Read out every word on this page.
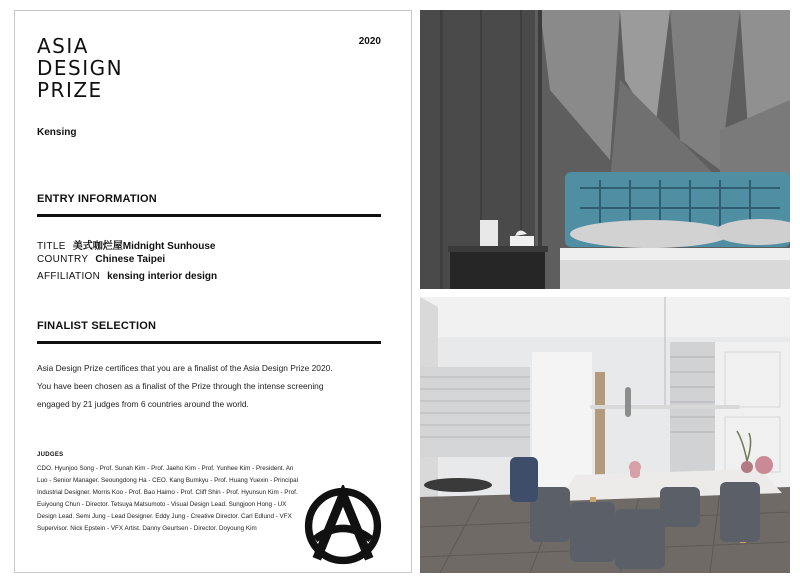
ASIA
DESIGN
PRIZE
2020
Kensing
ENTRY INFORMATION
TITLE 美式咖烂屋Midnight Sunhouse
COUNTRY Chinese Taipei
AFFILIATION kensing interior design
FINALIST SELECTION
Asia Design Prize certifices that you are a finalist of the Asia Design Prize 2020. You have been chosen as a finalist of the Prize through the intense screening engaged by 21 judges from 6 countries around the world.
JUDGES
CDO. Hyunjoo Song - Prof. Sunah Kim - Prof. Jaeho Kim - Prof. Yunhee Kim - President. An Luo - Senior Manager. Seoungdong Ha - CEO. Kang Bumkyu - Prof. Huang Yuexin - Principal Industrial Designer. Morris Koo - Prof. Bao Haimo - Prof. Cliff Shin - Prof. Hyunsun Kim - Prof. Euiyoung Chun - Director. Tetsuya Matsumoto - Visual Design Lead. Sungjoon Hong - UX Design Lead. Semi Jung - Lead Designer. Eddy Jung - Creative Director. Carl Edlund - VFX Supervisor. Nick Epstein - VFX Artist. Danny Geurtsen - Director. Doyoung Kim
